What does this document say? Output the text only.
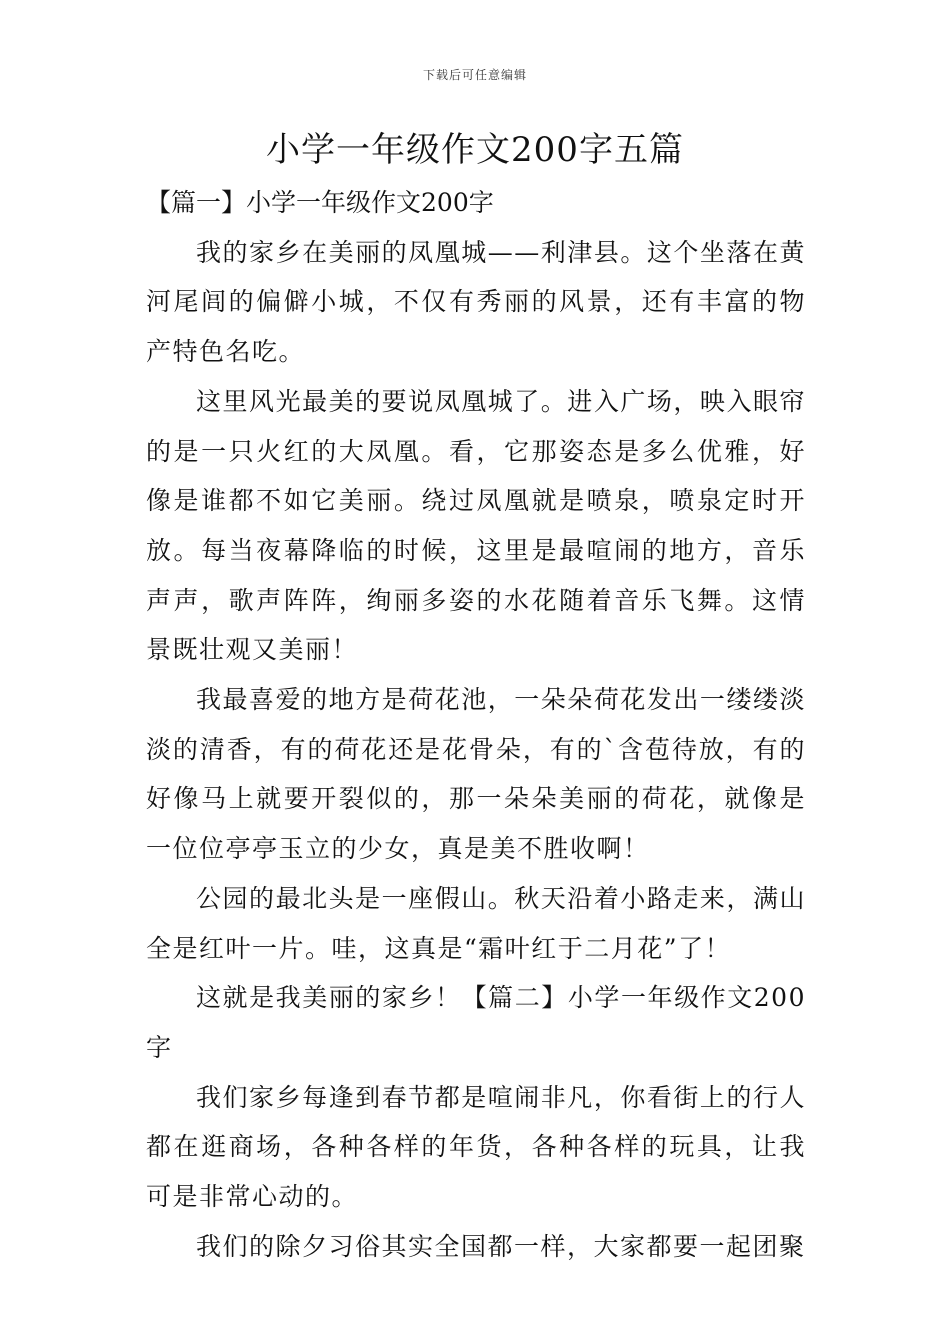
下载后可任意编辑
小学一年级作文200字五篇
【篇一】小学一年级作文200字

我的家乡在美丽的凤凰城——利津县。这个坐落在黄河尾闾的偏僻小城，不仅有秀丽的风景，还有丰富的物产特色名吃。

这里风光最美的要说凤凰城了。进入广场，映入眼帘的是一只火红的大凤凰。看，它那姿态是多么优雅，好像是谁都不如它美丽。绕过凤凰就是喷泉，喷泉定时开放。每当夜幕降临的时候，这里是最喧闹的地方，音乐声声，歌声阵阵，绚丽多姿的水花随着音乐飞舞。这情景既壮观又美丽！

我最喜爱的地方是荷花池，一朵朵荷花发出一缕缕淡淡的清香，有的荷花还是花骨朵，有的`含苞待放，有的好像马上就要开裂似的，那一朵朵美丽的荷花，就像是一位位亭亭玉立的少女，真是美不胜收啊！

公园的最北头是一座假山。秋天沿着小路走来，满山全是红叶一片。哇，这真是“霜叶红于二月花”了！

这就是我美丽的家乡！【篇二】小学一年级作文200字

我们家乡每逢到春节都是喧闹非凡，你看街上的行人都在逛商场，各种各样的年货，各种各样的玩具，让我可是非常心动的。

我们的除夕习俗其实全国都一样，大家都要一起团聚
